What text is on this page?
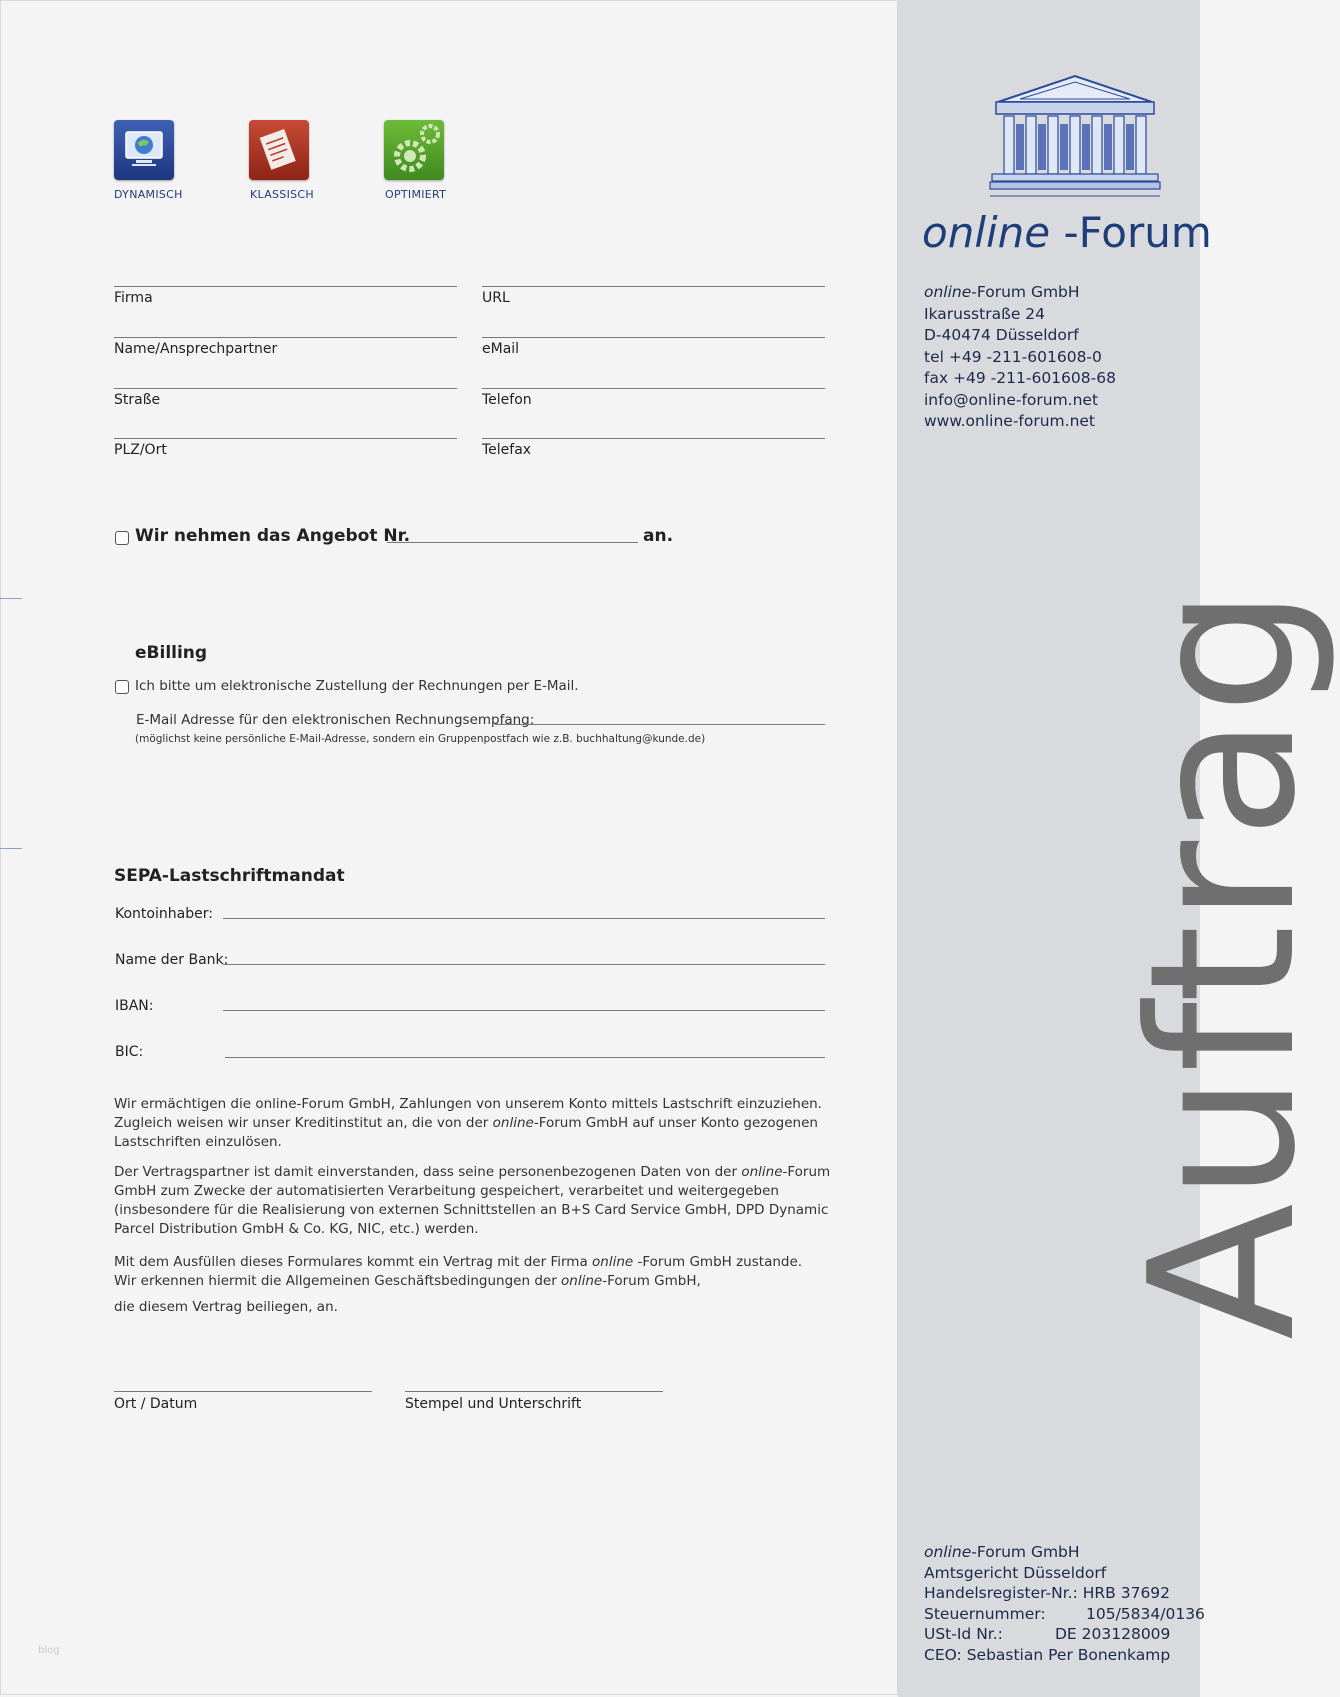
DYNAMISCH	KLASSISCH	OPTIMIERT
Firma	URL
Name/Ansprechpartner	eMail
Straße	Telefon
PLZ/Ort	Telefax
Wir nehmen das Angebot Nr.	an.
eBilling
Ich bitte um elektronische Zustellung der Rechnungen per E-Mail.
E-Mail Adresse für den elektronischen Rechnungsempfang:
(möglichst keine persönliche E-Mail-Adresse, sondern ein Gruppenpostfach wie z.B. buchhaltung@kunde.de)
SEPA-Lastschriftmandat
Kontoinhaber:
Name der Bank:
IBAN:
BIC:
Wir ermächtigen die online-Forum GmbH, Zahlungen von unserem Konto mittels Lastschrift einzuziehen. Zugleich weisen wir unser Kreditinstitut an, die von der online-Forum GmbH auf unser Konto gezogenen Lastschriften einzulösen.
Der Vertragspartner ist damit einverstanden, dass seine personenbezogenen Daten von der online-Forum GmbH zum Zwecke der automatisierten Verarbeitung gespeichert, verarbeitet und weitergegeben (insbesondere für die Realisierung von externen Schnittstellen an B+S Card Service GmbH, DPD Dynamic Parcel Distribution GmbH & Co. KG, NIC, etc.) werden.
Mit dem Ausfüllen dieses Formulares kommt ein Vertrag mit der Firma online -Forum GmbH zustande.
Wir erkennen hiermit die Allgemeinen Geschäftsbedingungen der online-Forum GmbH,
die diesem Vertrag beiliegen, an.
Ort / Datum	Stempel und Unterschrift
online -Forum
online-Forum GmbH
Ikarusstraße 24
D-40474 Düsseldorf
tel +49 -211-601608-0
fax +49 -211-601608-68
info@online-forum.net
www.online-forum.net
Auftrag
online-Forum GmbH
Amtsgericht Düsseldorf
Handelsregister-Nr.: HRB 37692
Steuernummer:	105/5834/0136
USt-Id Nr.:	DE 203128009
CEO: Sebastian Per Bonenkamp
blog
